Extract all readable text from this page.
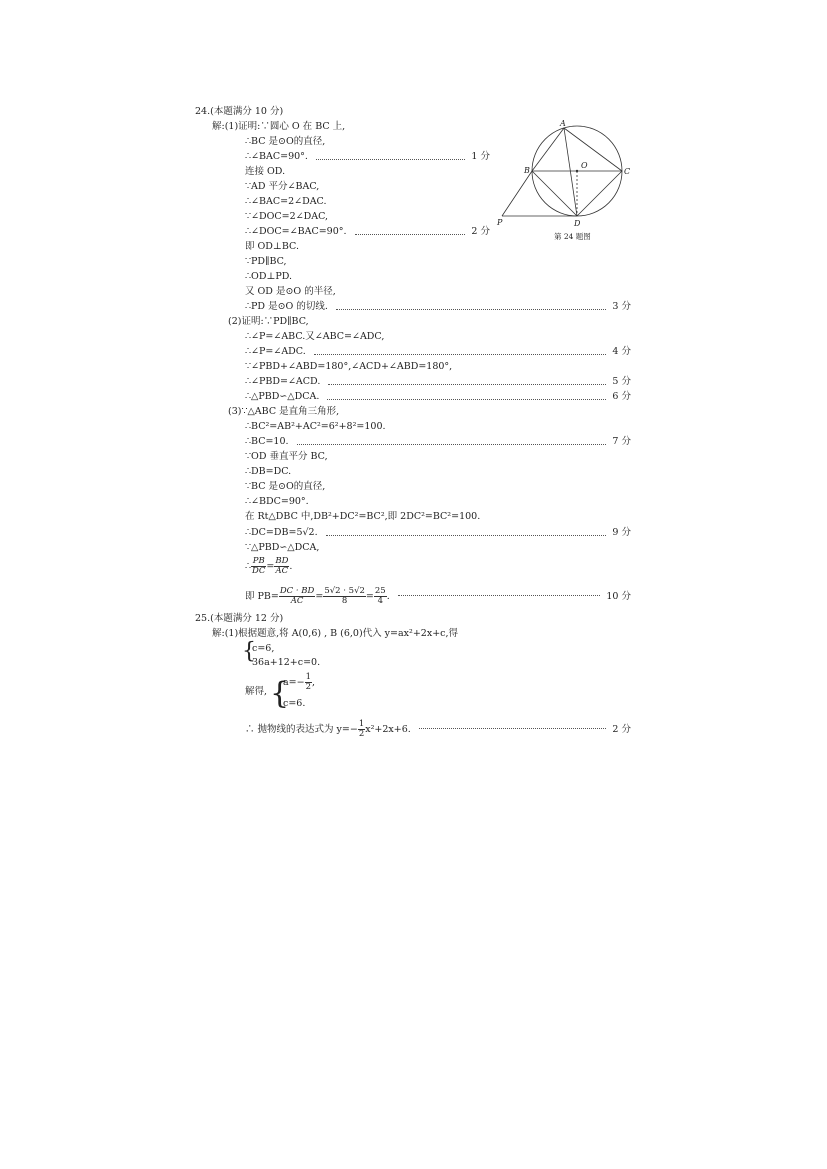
24.(本题满分 10 分)
解:(1)证明:∵圆心 O 在 BC 上,
∴BC 是⊙O的直径,
∴∠BAC=90°.	1 分
连接 OD.
∵AD 平分∠BAC,
∴∠BAC=2∠DAC.
∵∠DOC=2∠DAC,
∴∠DOC=∠BAC=90°.	2 分
即 OD⊥BC.
∵PD∥BC,
∴OD⊥PD.
又 OD 是⊙O 的半径,
∴PD 是⊙O 的切线.	3 分
(2)证明:∵PD∥BC,
∴∠P=∠ABC.又∠ABC=∠ADC,
∴∠P=∠ADC.	4 分
∵∠PBD+∠ABD=180°,∠ACD+∠ABD=180°,
∴∠PBD=∠ACD.	5 分
∴△PBD∽△DCA.	6 分
(3)∵△ABC 是直角三角形,
∴BC²=AB²+AC²=6²+8²=100.
∴BC=10.	7 分
∵OD 垂直平分 BC,
∴DB=DC.
∵BC 是⊙O的直径,
∴∠BDC=90°.
在 Rt△DBC 中,DB²+DC²=BC²,即 2DC²=BC²=100.
∴DC=DB=5√2.	9 分
∵△PBD∽△DCA,
∴ $\frac{PB}{DC} = \frac{BD}{AC}$ .
即 $PB= \frac{DC \cdot BD}{AC} = \frac{5√2 \cdot 5√2}{8} = \frac{25}{4}$ .	10 分
A
B	C
D
O
P
第 24 题图
25.(本题满分 12 分)
解:(1)根据题意,将 A(0,6) , B (6,0)代入 y=ax²+2x+c,得
{
c=6,
36a+12+c=0.
解得, {
$a=- \frac{1}{2}$ ,
c=6.
∴ 抛物线的表达式为 $y=- \frac{1}{2} x^2+2x+6$.	2 分
